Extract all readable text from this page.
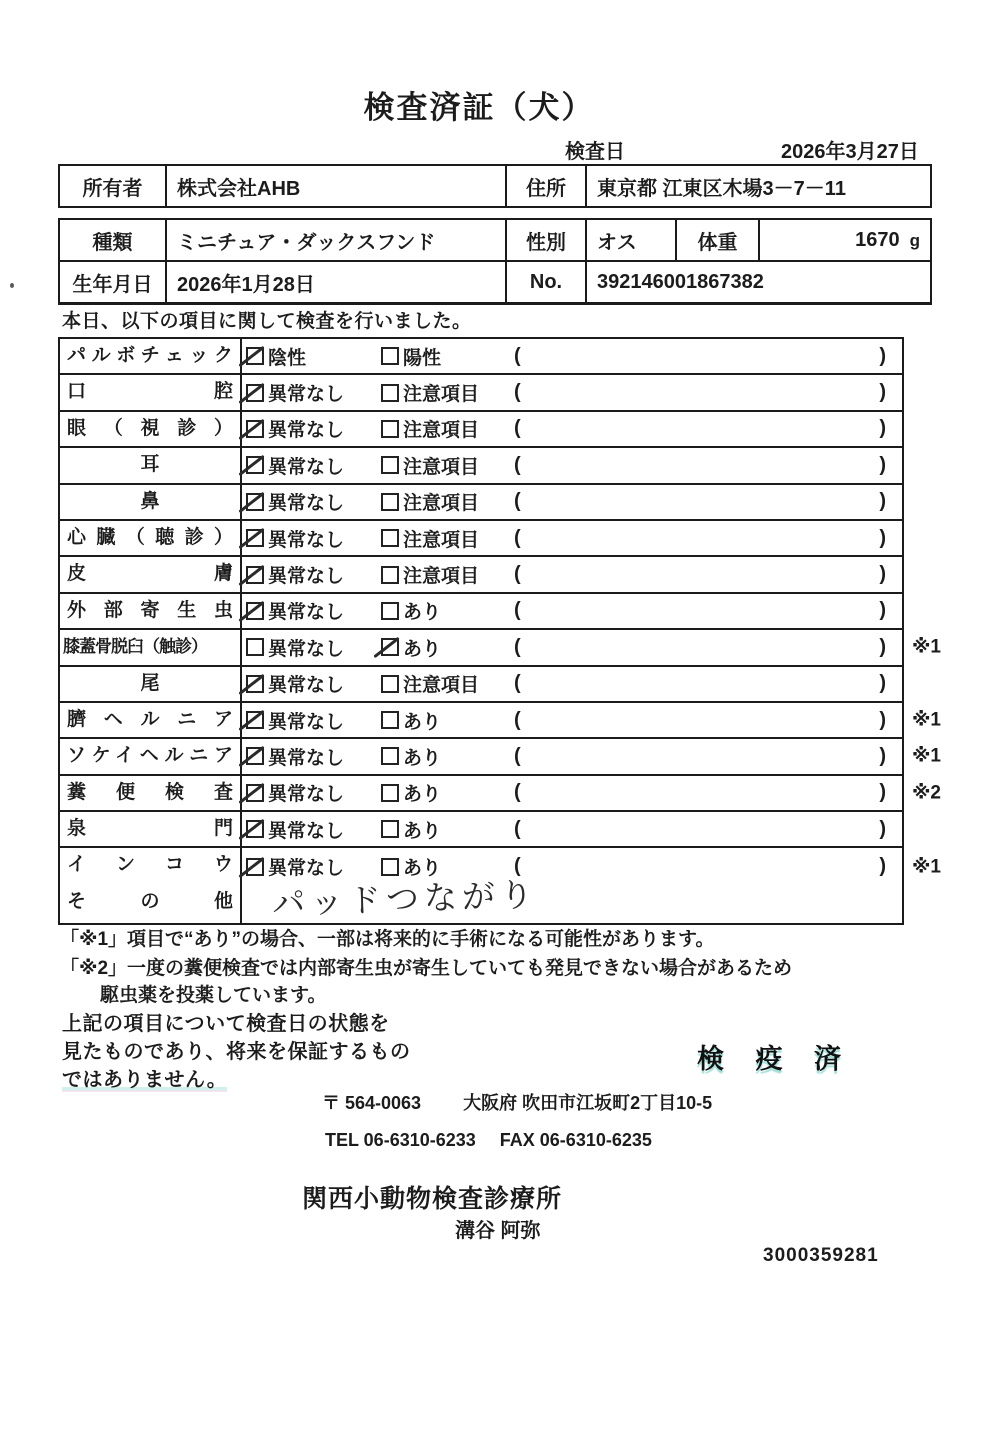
検査済証（犬）
検査日	2026年3月27日
所有者	株式会社AHB	住所	東京都 江東区木場3－7－11
種類	ミニチュア・ダックスフンド	性別	オス	体重	1670 g
生年月日	2026年1月28日	No.	392146001867382		
本日、以下の項目に関して検査を行いました。
パルボチェック	陰性	陽性	(	)
口腔	異常なし	注意項目 (	)
眼（視診）	異常なし	注意項目 (	)
耳	異常なし	注意項目 (	)
鼻	異常なし	注意項目 (	)
心臓（聴診）	異常なし	注意項目 (	)
皮膚	異常なし	注意項目 (	)
外部寄生虫	異常なし	あり	(	)
膝蓋骨脱臼（触診）	異常なし	あり	(	) ※1
尾	異常なし	注意項目 (	)
臍ヘルニア	異常なし	あり	(	) ※1
ソケイヘルニア	異常なし	あり	(	) ※1
糞便検査	異常なし	あり	(	) ※2
泉門	異常なし	あり	(	)
インコウ	異常なし	あり	(	) ※1
その他 パッドつながり
「※1」項目で“あり”の場合、一部は将来的に手術になる可能性があります。
「※2」一度の糞便検査では内部寄生虫が寄生していても発見できない場合があるため
駆虫薬を投薬しています。
上記の項目について検査日の状態を
見たものであり、将来を保証するもの
ではありません。
検 疫 済
〒 564-0063 大阪府 吹田市江坂町2丁目10-5
TEL 06-6310-6233 FAX 06-6310-6235
関西小動物検査診療所
溝谷 阿弥
3000359281
